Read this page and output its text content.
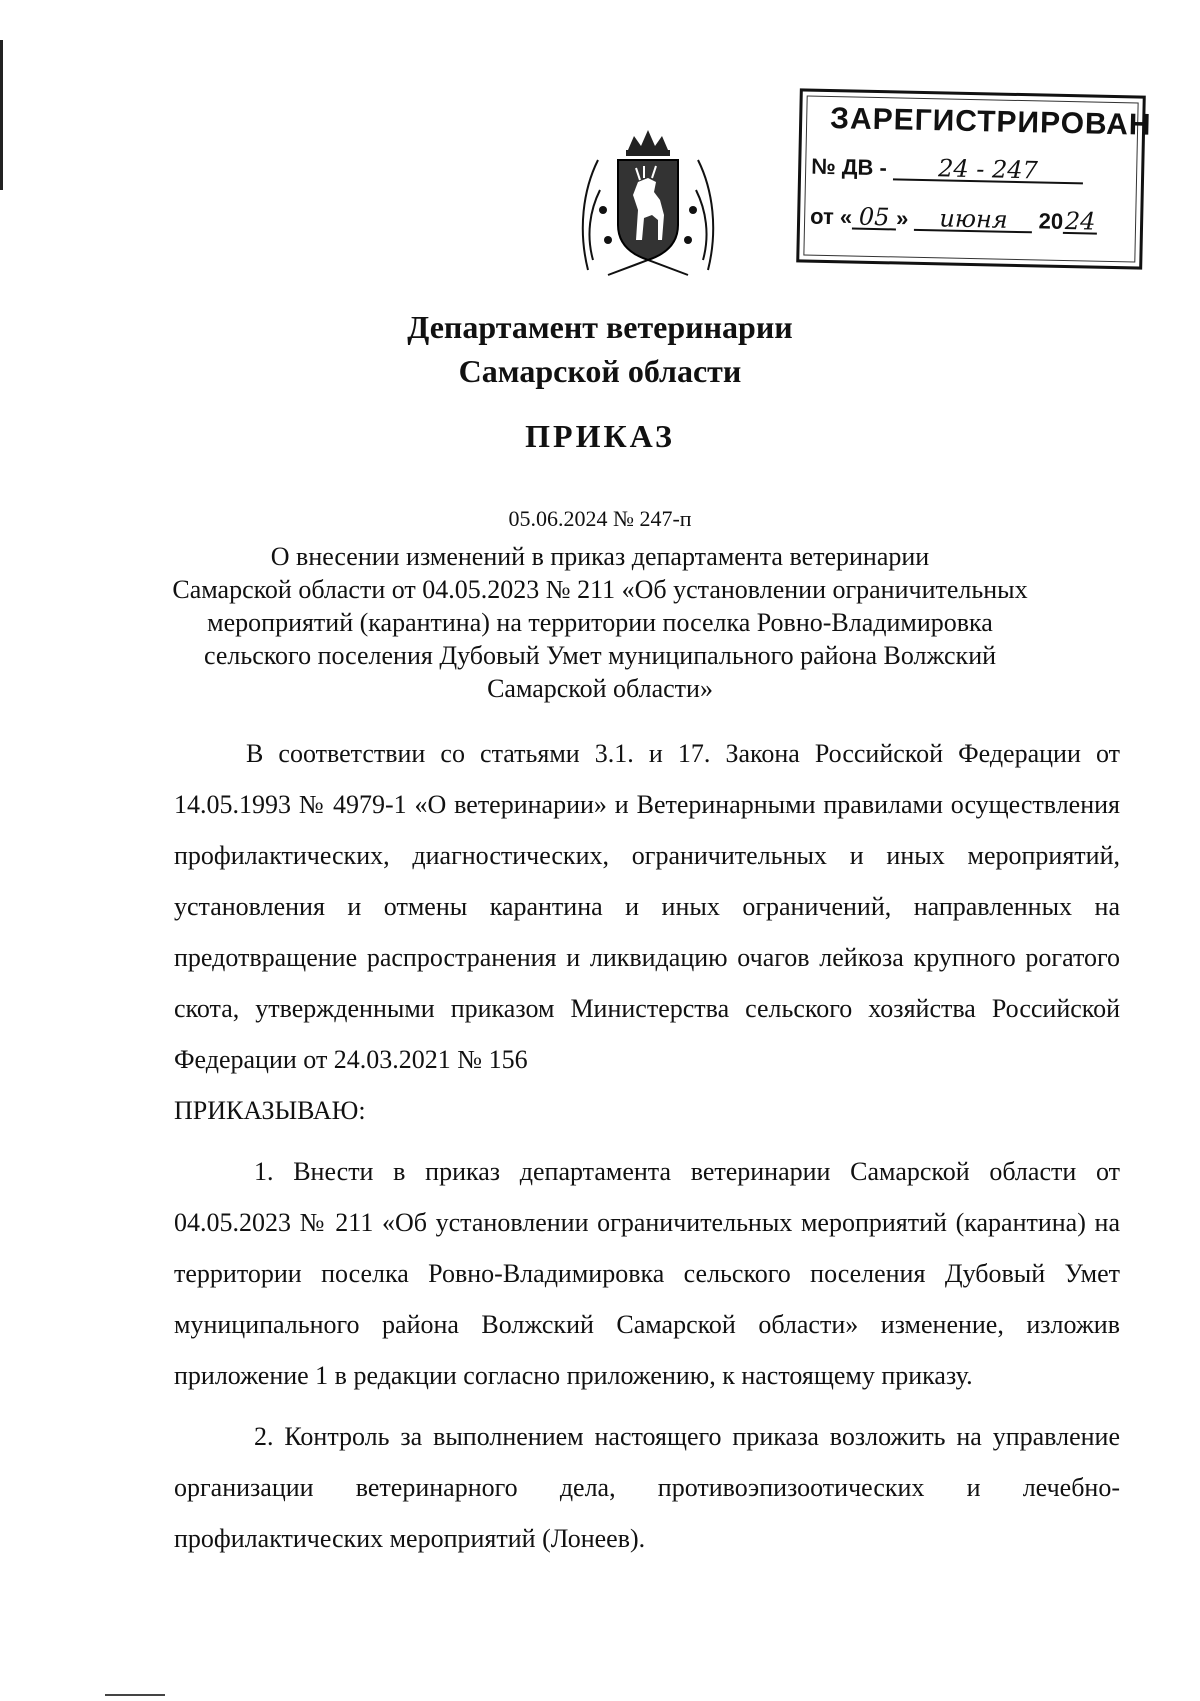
ЗАРЕГИСТРИРОВАН
№ ДВ - 24 - 247
от « 05 » июня 2024
Департамент ветеринарии
Самарской области
ПРИКАЗ
05.06.2024 № 247-п
О внесении изменений в приказ департамента ветеринарии
Самарской области от 04.05.2023 № 211 «Об установлении ограничительных
мероприятий (карантина) на территории поселка Ровно-Владимировка
сельского поселения Дубовый Умет муниципального района Волжский
Самарской области»

В соответствии со статьями 3.1. и 17. Закона Российской Федерации от 14.05.1993 № 4979-1 «О ветеринарии» и Ветеринарными правилами осуществления профилактических, диагностических, ограничительных и иных мероприятий, установления и отмены карантина и иных ограничений, направленных на предотвращение распространения и ликвидацию очагов лейкоза крупного рогатого скота, утвержденными приказом Министерства сельского хозяйства Российской Федерации от 24.03.2021 № 156

ПРИКАЗЫВАЮ:

1. Внести в приказ департамента ветеринарии Самарской области от 04.05.2023 № 211 «Об установлении ограничительных мероприятий (карантина) на территории поселка Ровно-Владимировка сельского поселения Дубовый Умет муниципального района Волжский Самарской области» изменение, изложив приложение 1 в редакции согласно приложению, к настоящему приказу.

2. Контроль за выполнением настоящего приказа возложить на управление организации ветеринарного дела, противоэпизоотических и лечебно-профилактических мероприятий (Лонеев).
